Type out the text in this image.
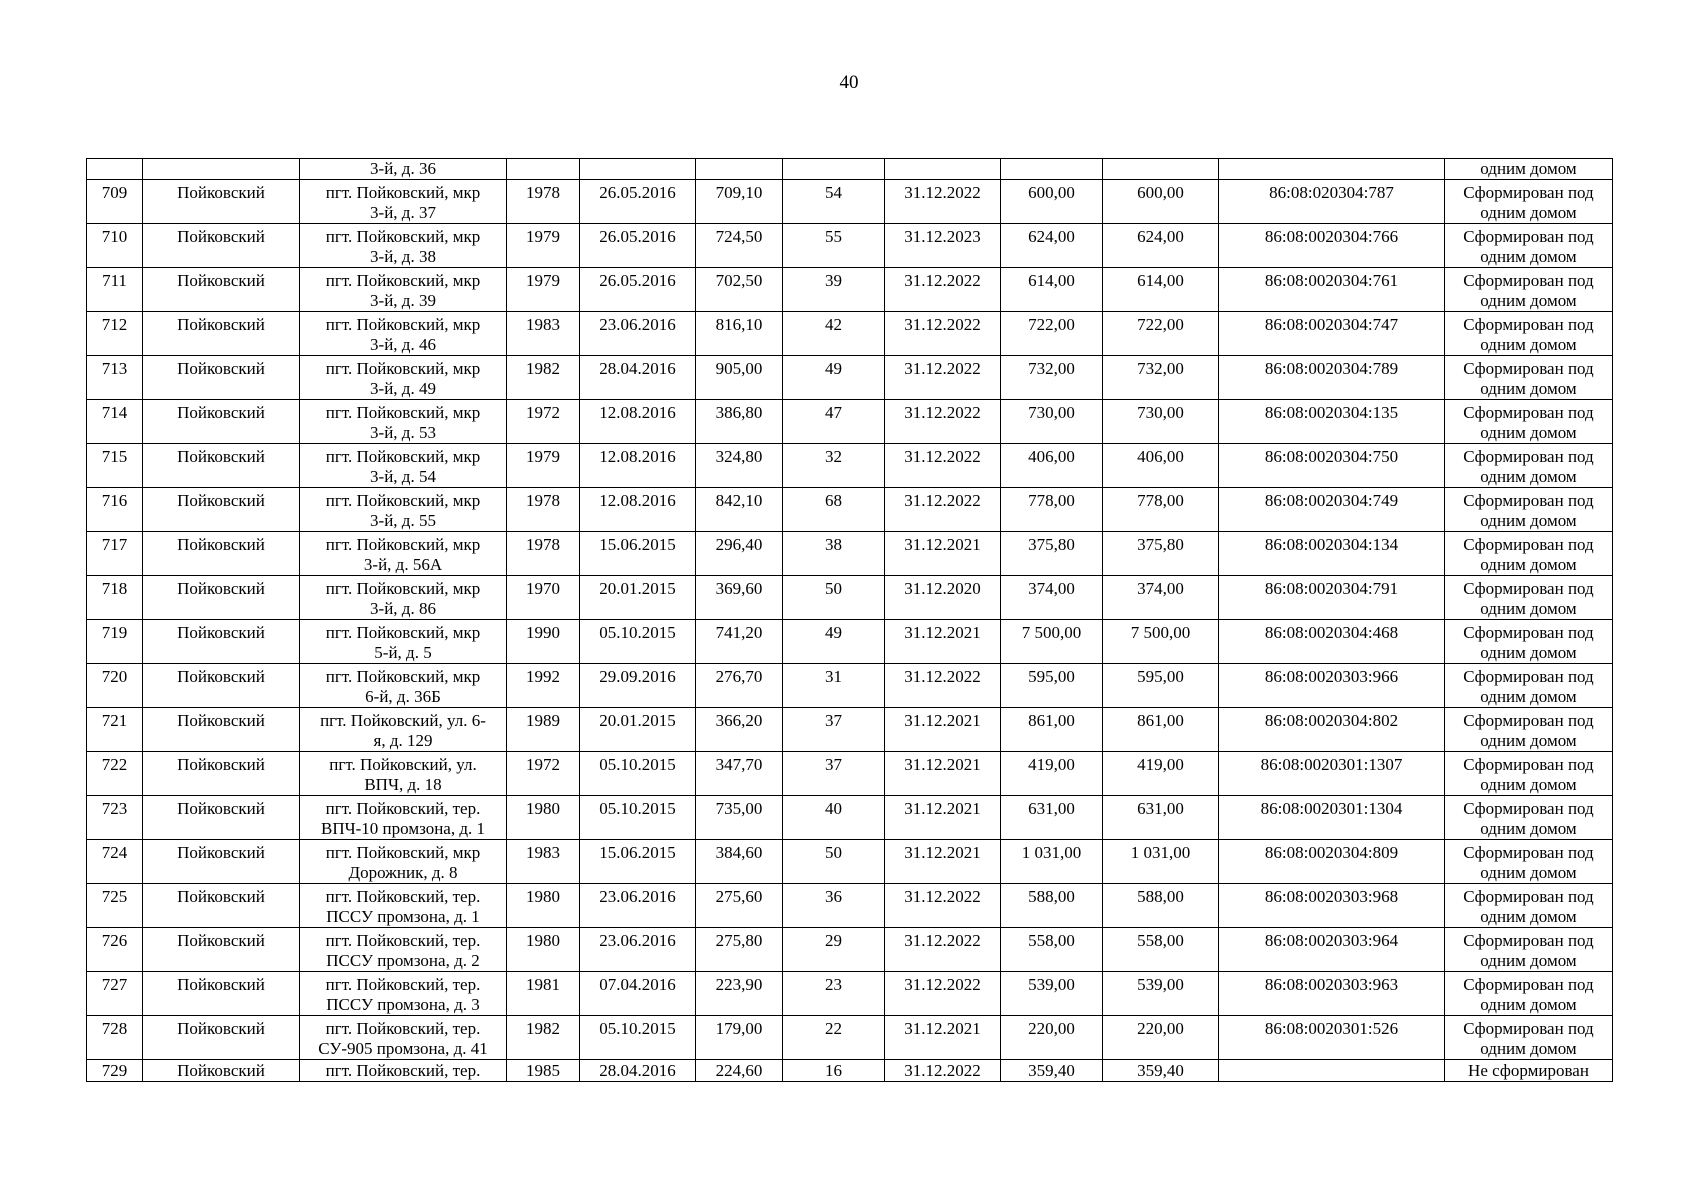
40
		3-й, д. 36									одним домом
709	Пойковский	пгт. Пойковский, мкр
3-й, д. 37	1978	26.05.2016	709,10	54	31.12.2022	600,00	600,00	86:08:020304:787	Сформирован под
одним домом

710	Пойковский	пгт. Пойковский, мкр
3-й, д. 38	1979	26.05.2016	724,50	55	31.12.2023	624,00	624,00	86:08:0020304:766	Сформирован под
одним домом

711	Пойковский	пгт. Пойковский, мкр
3-й, д. 39	1979	26.05.2016	702,50	39	31.12.2022	614,00	614,00	86:08:0020304:761	Сформирован под
одним домом

712	Пойковский	пгт. Пойковский, мкр
3-й, д. 46	1983	23.06.2016	816,10	42	31.12.2022	722,00	722,00	86:08:0020304:747	Сформирован под
одним домом

713	Пойковский	пгт. Пойковский, мкр
3-й, д. 49	1982	28.04.2016	905,00	49	31.12.2022	732,00	732,00	86:08:0020304:789	Сформирован под
одним домом

714	Пойковский	пгт. Пойковский, мкр
3-й, д. 53	1972	12.08.2016	386,80	47	31.12.2022	730,00	730,00	86:08:0020304:135	Сформирован под
одним домом

715	Пойковский	пгт. Пойковский, мкр
3-й, д. 54	1979	12.08.2016	324,80	32	31.12.2022	406,00	406,00	86:08:0020304:750	Сформирован под
одним домом

716	Пойковский	пгт. Пойковский, мкр
3-й, д. 55	1978	12.08.2016	842,10	68	31.12.2022	778,00	778,00	86:08:0020304:749	Сформирован под
одним домом

717	Пойковский	пгт. Пойковский, мкр
3-й, д. 56А	1978	15.06.2015	296,40	38	31.12.2021	375,80	375,80	86:08:0020304:134	Сформирован под
одним домом

718	Пойковский	пгт. Пойковский, мкр
3-й, д. 86	1970	20.01.2015	369,60	50	31.12.2020	374,00	374,00	86:08:0020304:791	Сформирован под
одним домом

719	Пойковский	пгт. Пойковский, мкр
5-й, д. 5	1990	05.10.2015	741,20	49	31.12.2021	7 500,00	7 500,00	86:08:0020304:468	Сформирован под
одним домом

720	Пойковский	пгт. Пойковский, мкр
6-й, д. 36Б	1992	29.09.2016	276,70	31	31.12.2022	595,00	595,00	86:08:0020303:966	Сформирован под
одним домом

721	Пойковский	пгт. Пойковский, ул. 6-
я, д. 129	1989	20.01.2015	366,20	37	31.12.2021	861,00	861,00	86:08:0020304:802	Сформирован под
одним домом

722	Пойковский	пгт. Пойковский, ул.
ВПЧ, д. 18	1972	05.10.2015	347,70	37	31.12.2021	419,00	419,00	86:08:0020301:1307	Сформирован под
одним домом

723	Пойковский	пгт. Пойковский, тер.
ВПЧ-10 промзона, д. 1	1980	05.10.2015	735,00	40	31.12.2021	631,00	631,00	86:08:0020301:1304	Сформирован под
одним домом

724	Пойковский	пгт. Пойковский, мкр
Дорожник, д. 8	1983	15.06.2015	384,60	50	31.12.2021	1 031,00	1 031,00	86:08:0020304:809	Сформирован под
одним домом

725	Пойковский	пгт. Пойковский, тер.
ПССУ промзона, д. 1	1980	23.06.2016	275,60	36	31.12.2022	588,00	588,00	86:08:0020303:968	Сформирован под
одним домом

726	Пойковский	пгт. Пойковский, тер.
ПССУ промзона, д. 2	1980	23.06.2016	275,80	29	31.12.2022	558,00	558,00	86:08:0020303:964	Сформирован под
одним домом

727	Пойковский	пгт. Пойковский, тер.
ПССУ промзона, д. 3	1981	07.04.2016	223,90	23	31.12.2022	539,00	539,00	86:08:0020303:963	Сформирован под
одним домом

728	Пойковский	пгт. Пойковский, тер.
СУ-905 промзона, д. 41	1982	05.10.2015	179,00	22	31.12.2021	220,00	220,00	86:08:0020301:526	Сформирован под
одним домом

729	Пойковский	пгт. Пойковский, тер.	1985	28.04.2016	224,60	16	31.12.2022	359,40	359,40		Не сформирован
